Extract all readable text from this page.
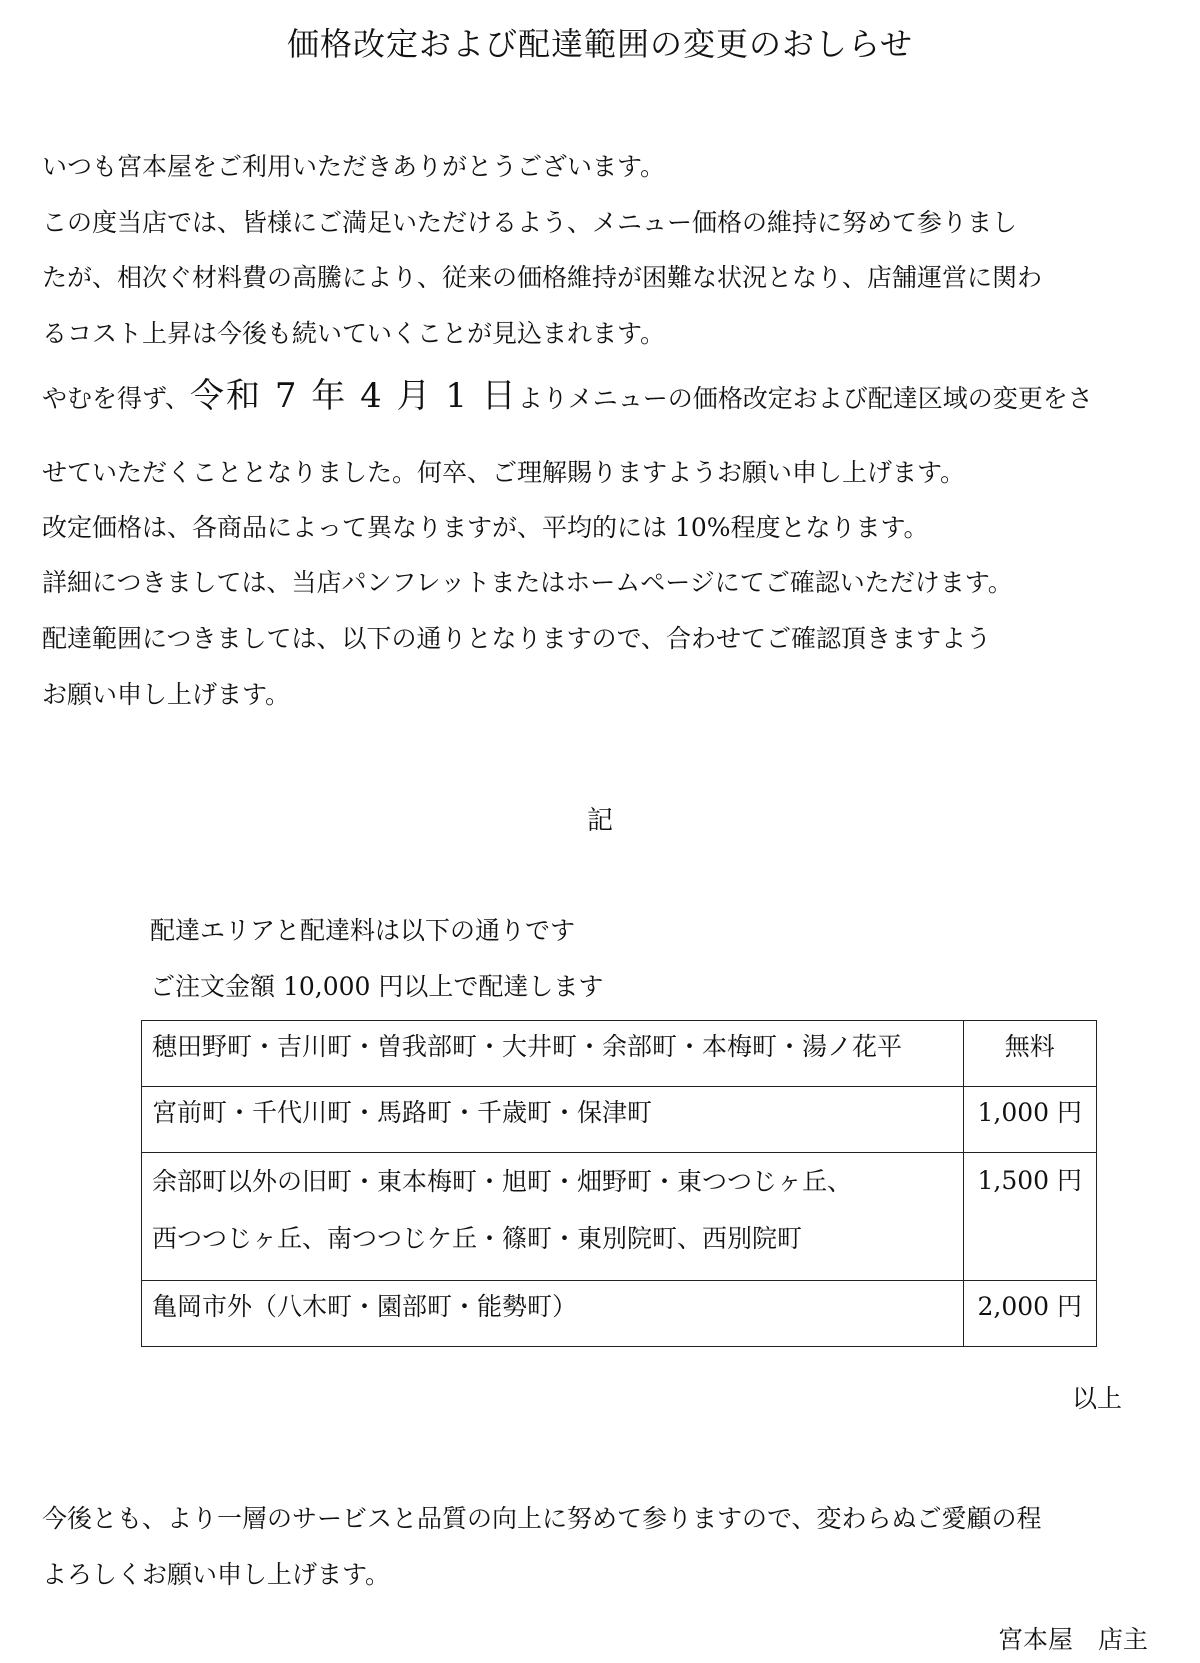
価格改定および配達範囲の変更のおしらせ
いつも宮本屋をご利用いただきありがとうございます。
この度当店では、皆様にご満足いただけるよう、メニュー価格の維持に努めて参りまし
たが、相次ぐ材料費の高騰により、従来の価格維持が困難な状況となり、店舗運営に関わ
るコスト上昇は今後も続いていくことが見込まれます。
やむを得ず、令和 7 年 4 月 1 日よりメニューの価格改定および配達区域の変更をさ
せていただくこととなりました。何卒、ご理解賜りますようお願い申し上げます。
改定価格は、各商品によって異なりますが、平均的には 10%程度となります。
詳細につきましては、当店パンフレットまたはホームページにてご確認いただけます。
配達範囲につきましては、以下の通りとなりますので、合わせてご確認頂きますよう
お願い申し上げます。
記
配達エリアと配達料は以下の通りです
ご注文金額 10,000 円以上で配達します
穂田野町・吉川町・曽我部町・大井町・余部町・本梅町・湯ノ花平	無料
宮前町・千代川町・馬路町・千歳町・保津町	1,000 円

余部町以外の旧町・東本梅町・旭町・畑野町・東つつじヶ丘、
西つつじヶ丘、南つつじケ丘・篠町・東別院町、西別院町	1,500 円
亀岡市外（八木町・園部町・能勢町）	2,000 円
以上
今後とも、より一層のサービスと品質の向上に努めて参りますので、変わらぬご愛顧の程
よろしくお願い申し上げます。
宮本屋　 店主
